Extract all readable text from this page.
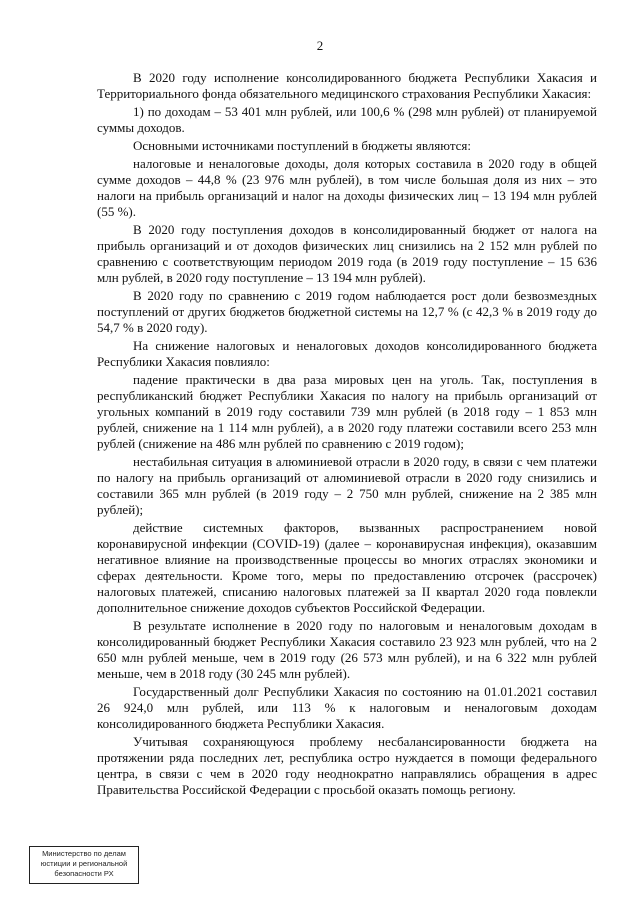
2

В 2020 году исполнение консолидированного бюджета Республики Хакасия и Территориального фонда обязательного медицинского страхования Республики Хакасия:

1) по доходам – 53 401 млн рублей, или 100,6 % (298 млн рублей) от планируемой суммы доходов.

Основными источниками поступлений в бюджеты являются:

налоговые и неналоговые доходы, доля которых составила в 2020 году в общей сумме доходов – 44,8 % (23 976 млн рублей), в том числе большая доля из них – это налоги на прибыль организаций и налог на доходы физических лиц – 13 194 млн рублей (55 %).

В 2020 году поступления доходов в консолидированный бюджет от налога на прибыль организаций и от доходов физических лиц снизились на 2 152 млн рублей по сравнению с соответствующим периодом 2019 года (в 2019 году поступление – 15 636 млн рублей, в 2020 году поступление – 13 194 млн рублей).

В 2020 году по сравнению с 2019 годом наблюдается рост доли безвозмездных поступлений от других бюджетов бюджетной системы на 12,7 % (с 42,3 % в 2019 году до 54,7 % в 2020 году).

На снижение налоговых и неналоговых доходов консолидированного бюджета Республики Хакасия повлияло:

падение практически в два раза мировых цен на уголь. Так, поступления в республиканский бюджет Республики Хакасия по налогу на прибыль организаций от угольных компаний в 2019 году составили 739 млн рублей (в 2018 году – 1 853 млн рублей, снижение на 1 114 млн рублей), а в 2020 году платежи составили всего 253 млн рублей (снижение на 486 млн рублей по сравнению с 2019 годом);

нестабильная ситуация в алюминиевой отрасли в 2020 году, в связи с чем платежи по налогу на прибыль организаций от алюминиевой отрасли в 2020 году снизились и составили 365 млн рублей (в 2019 году – 2 750 млн рублей, снижение на 2 385 млн рублей);

действие системных факторов, вызванных распространением новой коронавирусной инфекции (COVID-19) (далее – коронавирусная инфекция), оказавшим негативное влияние на производственные процессы во многих отраслях экономики и сферах деятельности. Кроме того, меры по предоставлению отсрочек (рассрочек) налоговых платежей, списанию налоговых платежей за II квартал 2020 года повлекли дополнительное снижение доходов субъектов Российской Федерации.

В результате исполнение в 2020 году по налоговым и неналоговым доходам в консолидированный бюджет Республики Хакасия составило 23 923 млн рублей, что на 2 650 млн рублей меньше, чем в 2019 году (26 573 млн рублей), и на 6 322 млн рублей меньше, чем в 2018 году (30 245 млн рублей).

Государственный долг Республики Хакасия по состоянию на 01.01.2021 составил 26 924,0 млн рублей, или 113 % к налоговым и неналоговым доходам консолидированного бюджета Республики Хакасия.

Учитывая сохраняющуюся проблему несбалансированности бюджета на протяжении ряда последних лет, республика остро нуждается в помощи федерального центра, в связи с чем в 2020 году неоднократно направлялись обращения в адрес Правительства Российской Федерации с просьбой оказать помощь региону.

Министерство по делам
юстиции и региональной
безопасности РХ
